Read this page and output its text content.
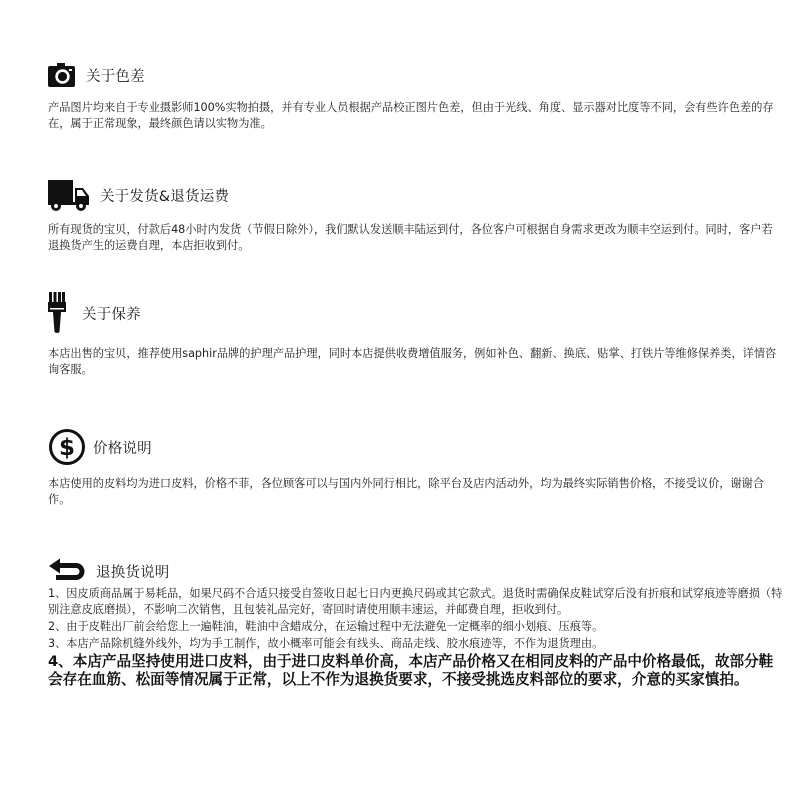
关于色差

产品图片均来自于专业摄影师100%实物拍摄，并有专业人员根据产品校正图片色差，但由于光线、角度、显示器对比度等不同，会有些许色差的存在，属于正常现象，最终颜色请以实物为准。

关于发货&退货运费

所有现货的宝贝，付款后48小时内发货（节假日除外），我们默认发送顺丰陆运到付，各位客户可根据自身需求更改为顺丰空运到付。同时，客户若退换货产生的运费自理，本店拒收到付。

关于保养

本店出售的宝贝，推荐使用saphir品牌的护理产品护理，同时本店提供收费增值服务，例如补色、翻新、换底、贴掌、打铁片等维修保养类，详情咨询客服。

$ 价格说明

本店使用的皮料均为进口皮料，价格不菲，各位顾客可以与国内外同行相比，除平台及店内活动外，均为最终实际销售价格，不接受议价，谢谢合作。

退换货说明

1、因皮质商品属于易耗品，如果尺码不合适只接受自签收日起七日内更换尺码或其它款式。退货时需确保皮鞋试穿后没有折痕和试穿痕迹等磨损（特别注意皮底磨损），不影响二次销售，且包装礼品完好，寄回时请使用顺丰速运，并邮费自理，拒收到付。

2、由于皮鞋出厂前会给您上一遍鞋油，鞋油中含蜡成分，在运输过程中无法避免一定概率的细小划痕、压痕等。

3、本店产品除机缝外线外，均为手工制作，故小概率可能会有线头、商品走线、胶水痕迹等，不作为退货理由。

4、本店产品坚持使用进口皮料，由于进口皮料单价高，本店产品价格又在相同皮料的产品中价格最低，故部分鞋会存在血筋、松面等情况属于正常，以上不作为退换货要求，不接受挑选皮料部位的要求，介意的买家慎拍。
